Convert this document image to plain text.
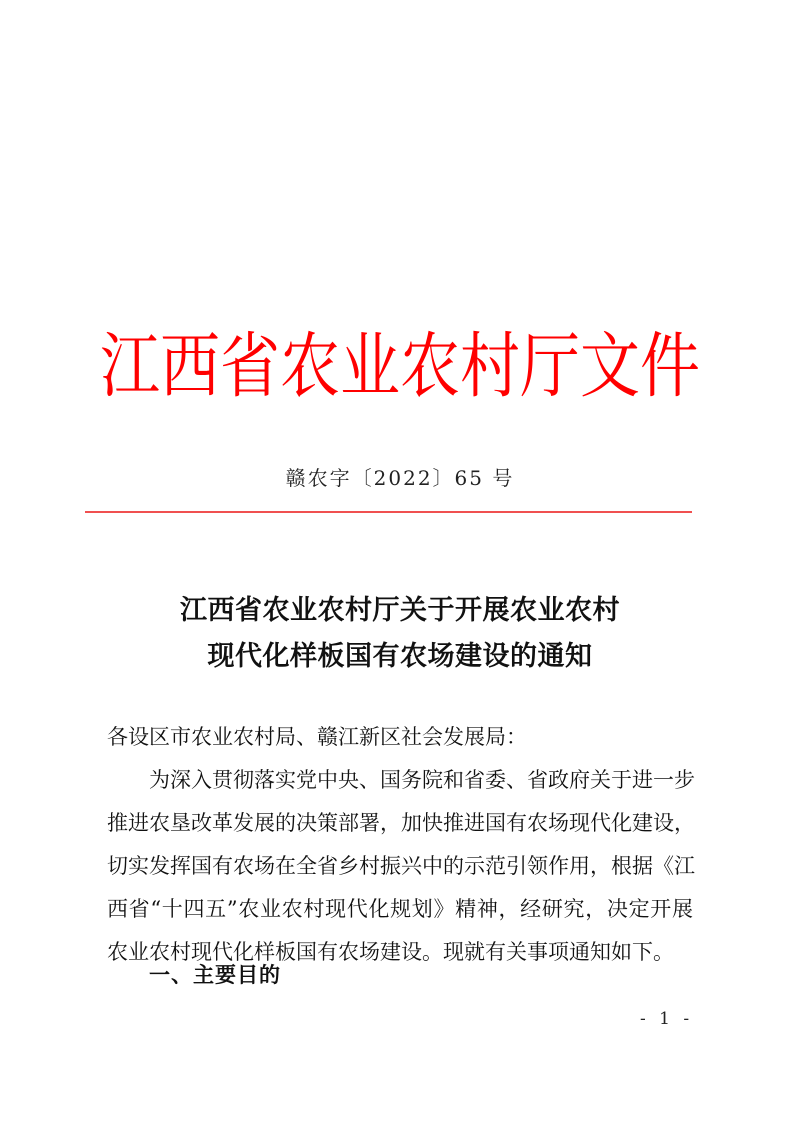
江 西 省 农 业 农 村 厅 文 件
赣农字〔2022〕65 号
江西省农业农村厅关于开展农业农村
现代化样板国有农场建设的通知
各设区市农业农村局、赣江新区社会发展局：
为深入贯彻落实党中央、国务院和省委、省政府关于进一步
推进农垦改革发展的决策部署，加快推进国有农场现代化建设，
切实发挥国有农场在全省乡村振兴中的示范引领作用，根据《江
西省“十四五”农业农村现代化规划》精神，经研究，决定开展
农业农村现代化样板国有农场建设。现就有关事项通知如下。
一、主要目的
- 1 -
